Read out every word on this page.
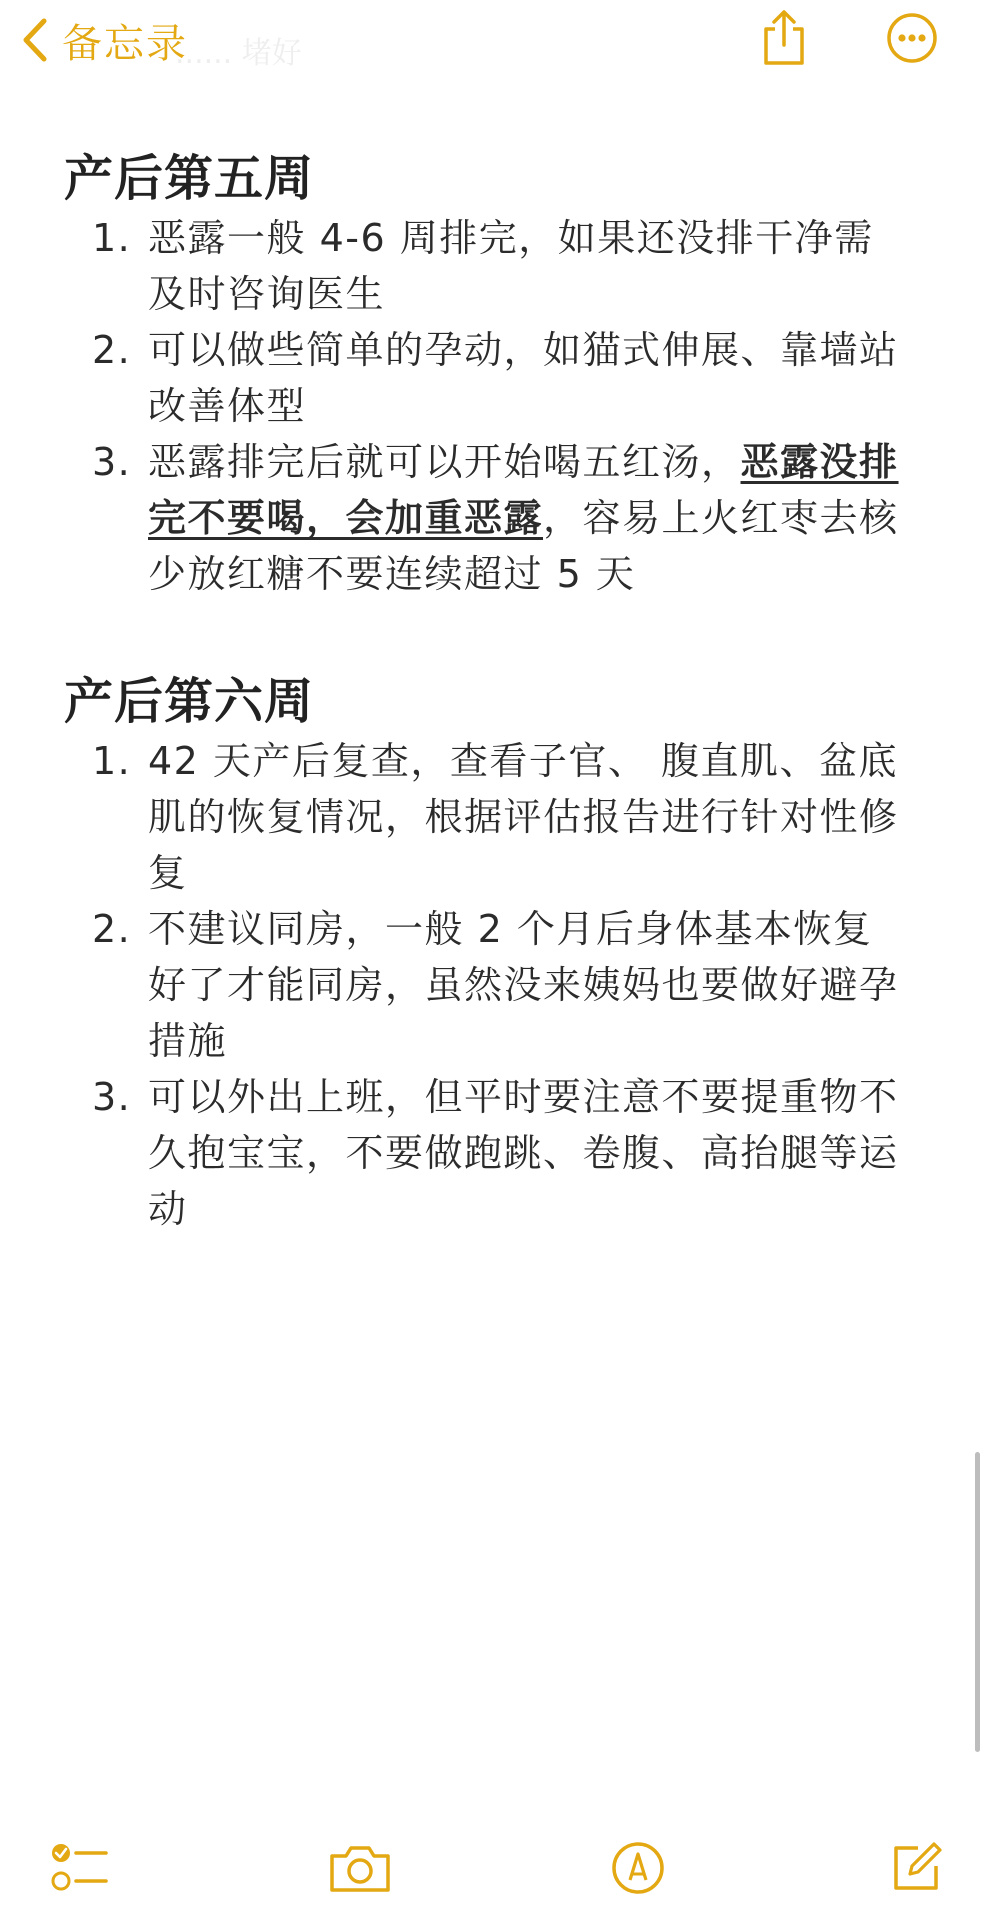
...... 堵好
备忘录
产后第五周
1. 恶露一般 4-6 周排完，如果还没排干净需及时咨询医生
2. 可以做些简单的孕动，如猫式伸展、靠墙站改善体型
3. 恶露排完后就可以开始喝五红汤，恶露没排完不要喝，会加重恶露，容易上火红枣去核少放红糖不要连续超过 5 天
产后第六周
1. 42 天产后复查，查看子官、 腹直肌、盆底肌的恢复情况，根据评估报告进行针对性修复
2. 不建议同房，一般 2 个月后身体基本恢复好了才能同房，虽然没来姨妈也要做好避孕措施
3. 可以外出上班，但平时要注意不要提重物不久抱宝宝，不要做跑跳、卷腹、高抬腿等运动
